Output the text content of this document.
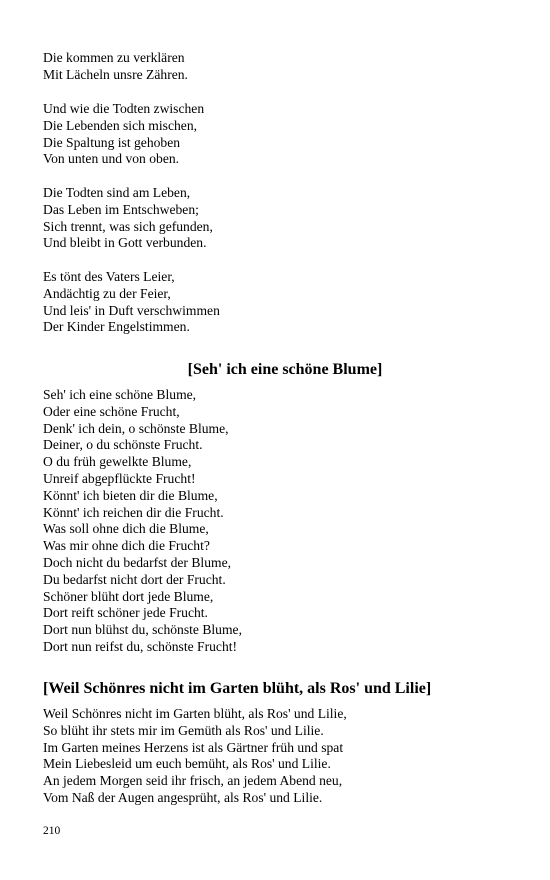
Die kommen zu verklären
Mit Lächeln unsre Zähren.
Und wie die Todten zwischen
Die Lebenden sich mischen,
Die Spaltung ist gehoben
Von unten und von oben.
Die Todten sind am Leben,
Das Leben im Entschweben;
Sich trennt, was sich gefunden,
Und bleibt in Gott verbunden.
Es tönt des Vaters Leier,
Andächtig zu der Feier,
Und leis' in Duft verschwimmen
Der Kinder Engelstimmen.
[Seh' ich eine schöne Blume]
Seh' ich eine schöne Blume,
Oder eine schöne Frucht,
Denk' ich dein, o schönste Blume,
Deiner, o du schönste Frucht.
O du früh gewelkte Blume,
Unreif abgepflückte Frucht!
Könnt' ich bieten dir die Blume,
Könnt' ich reichen dir die Frucht.
Was soll ohne dich die Blume,
Was mir ohne dich die Frucht?
Doch nicht du bedarfst der Blume,
Du bedarfst nicht dort der Frucht.
Schöner blüht dort jede Blume,
Dort reift schöner jede Frucht.
Dort nun blühst du, schönste Blume,
Dort nun reifst du, schönste Frucht!
[Weil Schönres nicht im Garten blüht, als Ros' und Lilie]
Weil Schönres nicht im Garten blüht, als Ros' und Lilie,
So blüht ihr stets mir im Gemüth als Ros' und Lilie.
Im Garten meines Herzens ist als Gärtner früh und spat
Mein Liebesleid um euch bemüht, als Ros' und Lilie.
An jedem Morgen seid ihr frisch, an jedem Abend neu,
Vom Naß der Augen angesprüht, als Ros' und Lilie.
210
